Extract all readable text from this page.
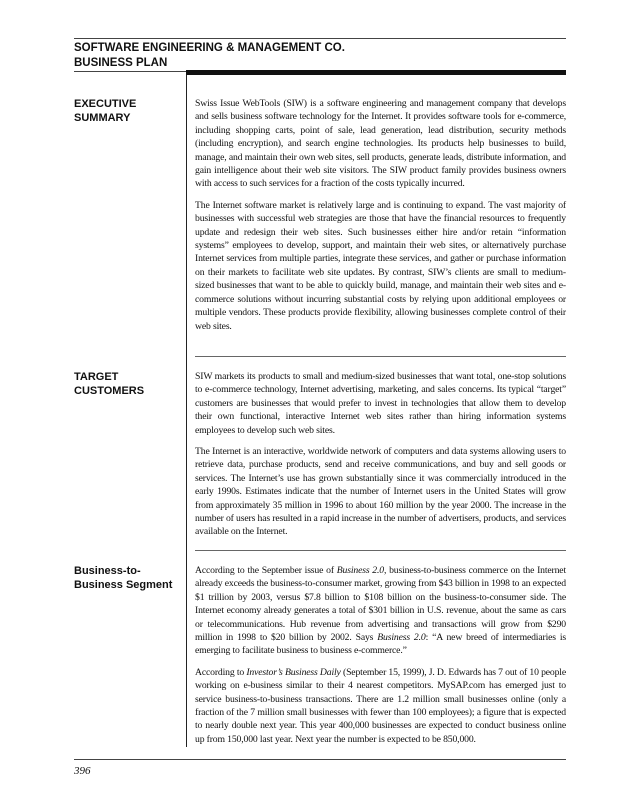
SOFTWARE ENGINEERING & MANAGEMENT CO.
BUSINESS PLAN
EXECUTIVE
SUMMARY

Swiss Issue WebTools (SIW) is a software engineering and management company that develops and sells business software technology for the Internet. It provides software tools for e-commerce, including shopping carts, point of sale, lead generation, lead distribution, security methods (including encryption), and search engine technologies. Its products help businesses to build, manage, and maintain their own web sites, sell products, generate leads, distribute information, and gain intelligence about their web site visitors. The SIW product family provides business owners with access to such services for a fraction of the costs typically incurred.

The Internet software market is relatively large and is continuing to expand. The vast majority of businesses with successful web strategies are those that have the financial resources to frequently update and redesign their web sites. Such businesses either hire and/or retain “information systems” employees to develop, support, and maintain their web sites, or alternatively purchase Internet services from multiple parties, integrate these services, and gather or purchase information on their markets to facilitate web site updates. By contrast, SIW’s clients are small to medium-sized businesses that want to be able to quickly build, manage, and maintain their web sites and e-commerce solutions without incurring substantial costs by relying upon additional employees or multiple vendors. These products provide flexibility, allowing businesses complete control of their web sites.

TARGET
CUSTOMERS

SIW markets its products to small and medium-sized businesses that want total, one-stop solutions to e-commerce technology, Internet advertising, marketing, and sales concerns. Its typical “target” customers are businesses that would prefer to invest in technologies that allow them to develop their own functional, interactive Internet web sites rather than hiring information systems employees to develop such web sites.

The Internet is an interactive, worldwide network of computers and data systems allowing users to retrieve data, purchase products, send and receive communications, and buy and sell goods or services. The Internet’s use has grown substantially since it was commercially introduced in the early 1990s. Estimates indicate that the number of Internet users in the United States will grow from approximately 35 million in 1996 to about 160 million by the year 2000. The increase in the number of users has resulted in a rapid increase in the number of advertisers, products, and services available on the Internet.

Business-to-
Business Segment

According to the September issue of Business 2.0, business-to-business commerce on the Internet already exceeds the business-to-consumer market, growing from $43 billion in 1998 to an expected $1 trillion by 2003, versus $7.8 billion to $108 billion on the business-to-consumer side. The Internet economy already generates a total of $301 billion in U.S. revenue, about the same as cars or telecommunications. Hub revenue from advertising and transactions will grow from $290 million in 1998 to $20 billion by 2002. Says Business 2.0: “A new breed of intermediaries is emerging to facilitate business to business e-commerce.”

According to Investor’s Business Daily (September 15, 1999), J. D. Edwards has 7 out of 10 people working on e-business similar to their 4 nearest competitors. MySAP.com has emerged just to service business-to-business transactions. There are 1.2 million small businesses online (only a fraction of the 7 million small businesses with fewer than 100 employees); a figure that is expected to nearly double next year. This year 400,000 businesses are expected to conduct business online up from 150,000 last year. Next year the number is expected to be 850,000.

396
